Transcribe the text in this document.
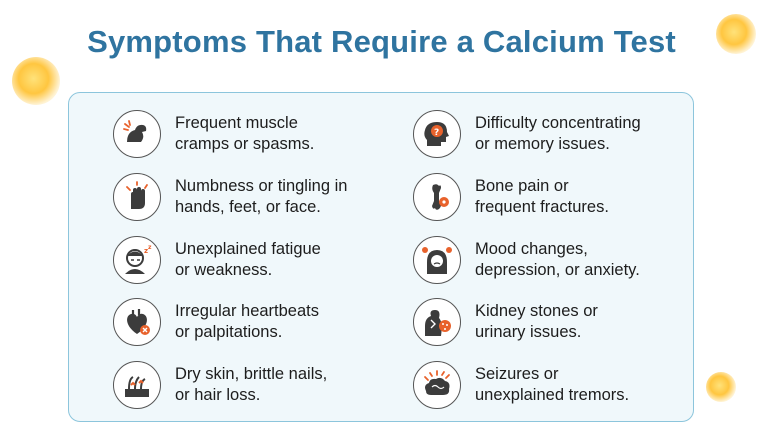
Symptoms That Require a Calcium Test
Frequent muscle
cramps or spasms.
Numbness or tingling in
hands, feet, or face.
z z Unexplained fatigue
or weakness.
Irregular heartbeats
or palpitations.
Dry skin, brittle nails,
or hair loss.
?
Difficulty concentrating
or memory issues.
Bone pain or
frequent fractures.
Mood changes,
depression, or anxiety.
Kidney stones or
urinary issues.
Seizures or
unexplained tremors.
